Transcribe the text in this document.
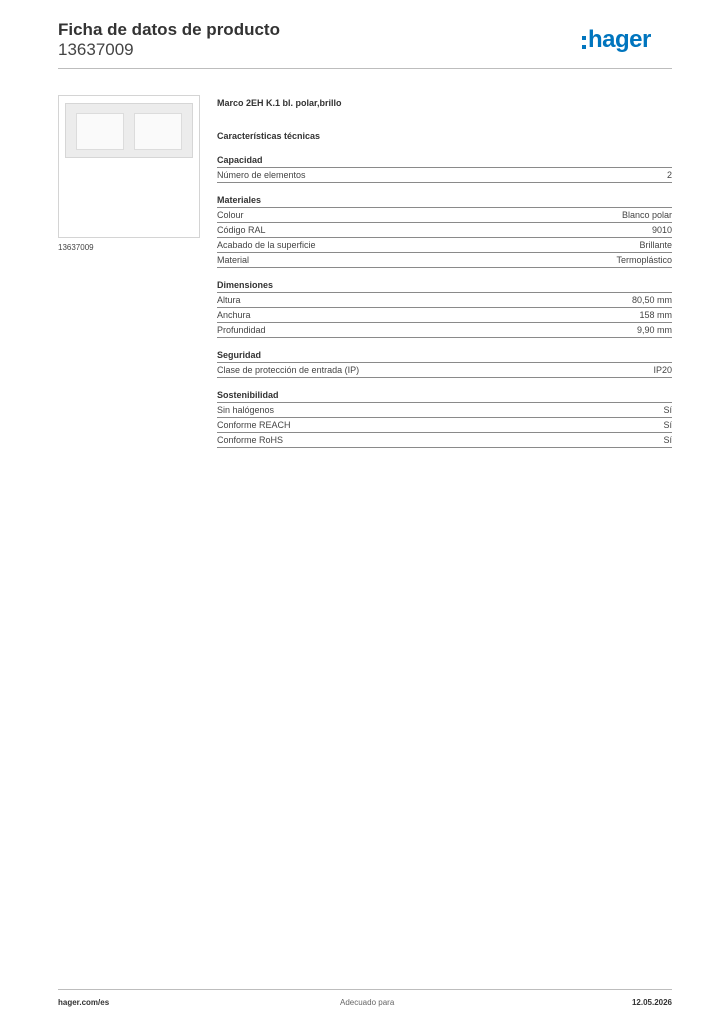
Ficha de datos de producto
13637009	hager
13637009
Marco 2EH K.1 bl. polar,brillo
Características técnicas
Capacidad
Número de elementos	2
Materiales
Colour	Blanco polar
Código RAL	9010
Acabado de la superficie	Brillante
Material	Termoplástico
Dimensiones
Altura	80,50 mm
Anchura	158 mm
Profundidad	9,90 mm
Seguridad
Clase de protección de entrada (IP)	IP20
Sostenibilidad
Sin halógenos	Sí
Conforme REACH	Sí
Conforme RoHS	Sí
hager.com/es	Adecuado para	12.05.2026
